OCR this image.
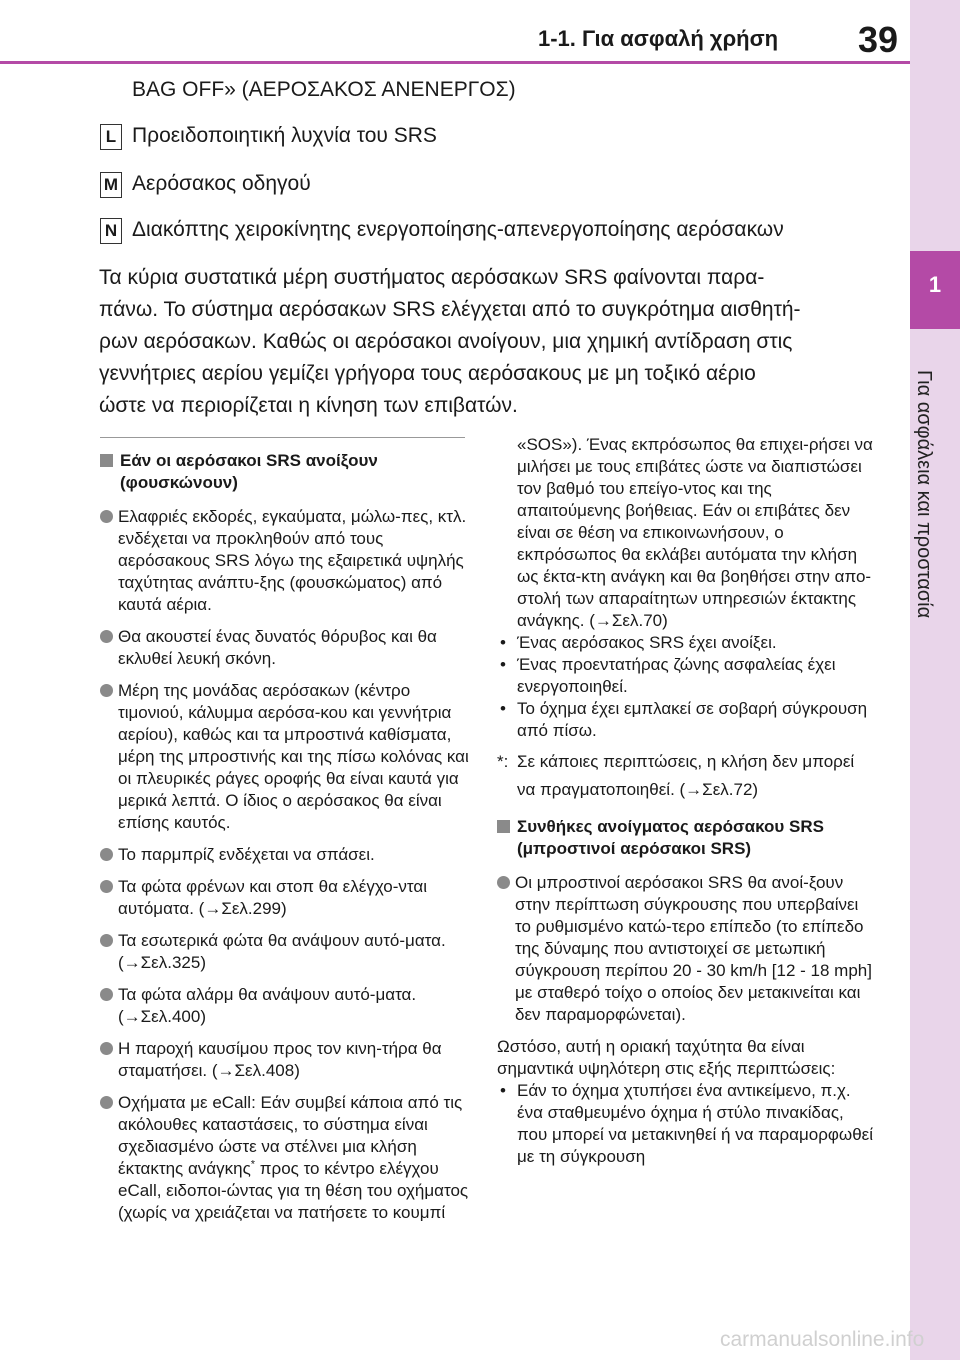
1-1. Για ασφαλή χρήση 39
1
Για ασφάλεια και προστασία
BAG OFF» (ΑΕΡΟΣΑΚΟΣ ΑΝΕΝΕΡΓΟΣ)
L Προειδοποιητική λυχνία του SRS
M Αερόσακος οδηγού
N Διακόπτης χειροκίνητης ενεργοποίησης-απενεργοποίησης αερόσακων
Τα κύρια συστατικά μέρη συστήματος αερόσακων SRS φαίνονται παρα-
πάνω. Το σύστημα αερόσακων SRS ελέγχεται από το συγκρότημα αισθητή-
ρων αερόσακων. Καθώς οι αερόσακοι ανοίγουν, μια χημική αντίδραση στις
γεννήτριες αερίου γεμίζει γρήγορα τους αερόσακους με μη τοξικό αέριο
ώστε να περιορίζεται η κίνηση των επιβατών.
Εάν οι αερόσακοι SRS ανοίξουν (φουσκώνουν)
Ελαφριές εκδορές, εγκαύματα, μώλω-πες, κτλ. ενδέχεται να προκληθούν από τους αερόσακους SRS λόγω της εξαιρετικά υψηλής ταχύτητας ανάπτυ-ξης (φουσκώματος) από καυτά αέρια.
Θα ακουστεί ένας δυνατός θόρυβος και θα εκλυθεί λευκή σκόνη.
Μέρη της μονάδας αερόσακων (κέντρο τιμονιού, κάλυμμα αερόσα-κου και γεννήτρια αερίου), καθώς και τα μπροστινά καθίσματα, μέρη της μπροστινής και της πίσω κολόνας και οι πλευρικές ράγες οροφής θα είναι καυτά για μερικά λεπτά. Ο ίδιος ο αερόσακος θα είναι επίσης καυτός.
Το παρμπρίζ ενδέχεται να σπάσει.
Τα φώτα φρένων και στοπ θα ελέγχο-νται αυτόματα. (→Σελ.299)
Τα εσωτερικά φώτα θα ανάψουν αυτό-ματα. (→Σελ.325)
Τα φώτα αλάρμ θα ανάψουν αυτό-ματα. (→Σελ.400)
Η παροχή καυσίμου προς τον κινη-τήρα θα σταματήσει. (→Σελ.408)
Οχήματα με eCall: Εάν συμβεί κάποια από τις ακόλουθες καταστάσεις, το σύστημα είναι σχεδιασμένο ώστε να στέλνει μια κλήση έκτακτης ανάγκης* προς το κέντρο ελέγχου eCall, ειδοποι-ώντας για τη θέση του οχήματος (χωρίς να χρειάζεται να πατήσετε το κουμπί
«SOS»). Ένας εκπρόσωπος θα επιχει-ρήσει να μιλήσει με τους επιβάτες ώστε να διαπιστώσει τον βαθμό του επείγο-ντος και της απαιτούμενης βοήθειας. Εάν οι επιβάτες δεν είναι σε θέση να επικοινωνήσουν, ο εκπρόσωπος θα εκλάβει αυτόματα την κλήση ως έκτα-κτη ανάγκη και θα βοηθήσει στην απο-στολή των απαραίτητων υπηρεσιών έκτακτης ανάγκης. (→Σελ.70)
• Ένας αερόσακος SRS έχει ανοίξει.
• Ένας προεντατήρας ζώνης ασφαλείας έχει ενεργοποιηθεί.
• Το όχημα έχει εμπλακεί σε σοβαρή σύγκρουση από πίσω.
*: Σε κάποιες περιπτώσεις, η κλήση δεν μπορεί να πραγματοποιηθεί. (→Σελ.72)
Συνθήκες ανοίγματος αερόσακου SRS (μπροστινοί αερόσακοι SRS)
Οι μπροστινοί αερόσακοι SRS θα ανοί-ξουν στην περίπτωση σύγκρουσης που υπερβαίνει το ρυθμισμένο κατώ-τερο επίπεδο (το επίπεδο της δύναμης που αντιστοιχεί σε μετωπική σύγκρουση περίπου 20 - 30 km/h [12 - 18 mph] με σταθερό τοίχο ο οποίος δεν μετακινείται και δεν παραμορφώνεται).
Ωστόσο, αυτή η οριακή ταχύτητα θα είναι σημαντικά υψηλότερη στις εξής περιπτώσεις:
• Εάν το όχημα χτυπήσει ένα αντικείμενο, π.χ. ένα σταθμευμένο όχημα ή στύλο πινακίδας, που μπορεί να μετακινηθεί ή να παραμορφωθεί με τη σύγκρουση
carmanualsonline.info
